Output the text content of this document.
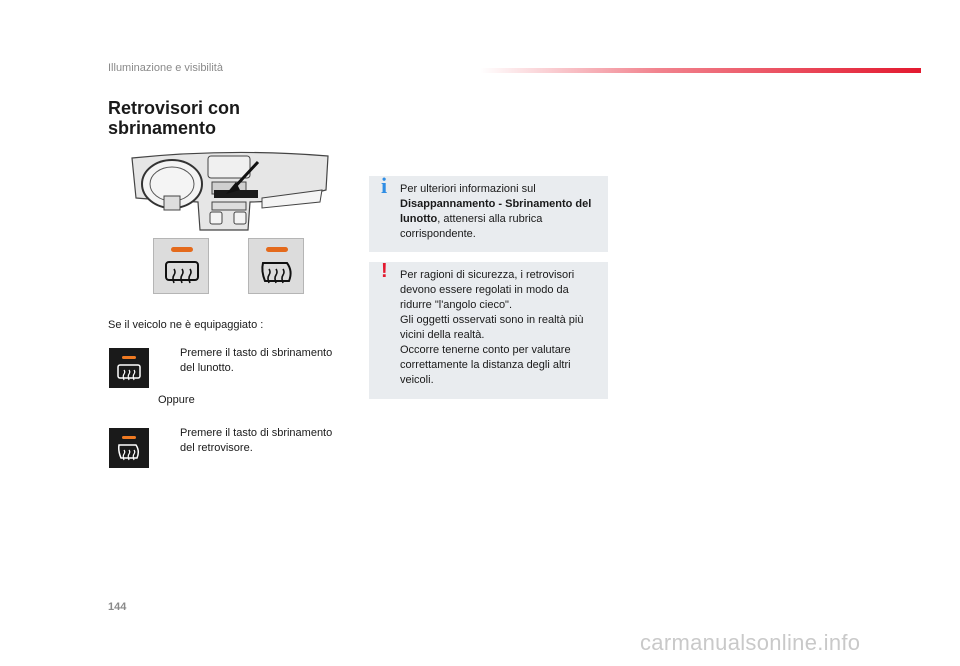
Illuminazione e visibilità
Retrovisori con
sbrinamento
Se il veicolo ne è equipaggiato :
Premere il tasto di sbrinamento del lunotto.
Oppure
Premere il tasto di sbrinamento del retrovisore.
i Per ulteriori informazioni sul Disappannamento - Sbrinamento del lunotto, attenersi alla rubrica corrispondente.
! Per ragioni di sicurezza, i retrovisori devono essere regolati in modo da ridurre "l'angolo cieco".
Gli oggetti osservati sono in realtà più vicini della realtà.
Occorre tenerne conto per valutare correttamente la distanza degli altri veicoli.
144
carmanualsonline.info
